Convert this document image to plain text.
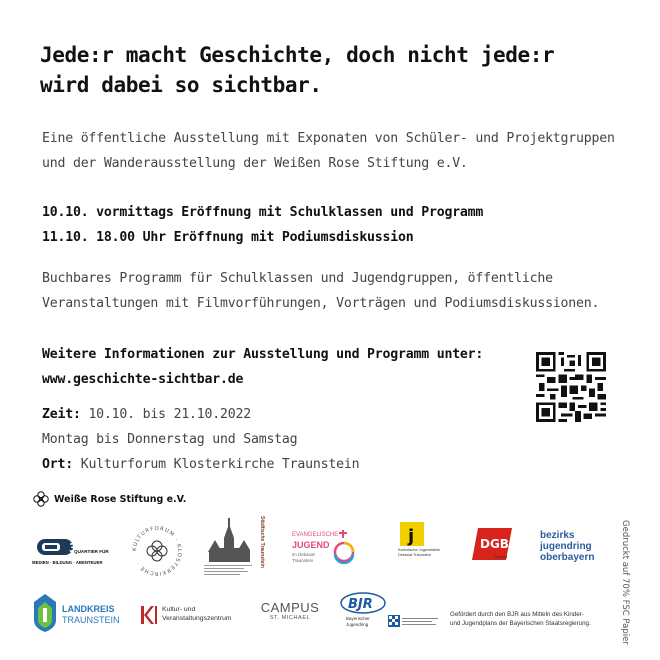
Jede:r macht Geschichte, doch nicht jede:r
wird dabei so sichtbar.
Eine öffentliche Ausstellung mit Exponaten von Schüler- und Projektgruppen
und der Wanderausstellung der Weißen Rose Stiftung e.V.
10.10. vormittags Eröffnung mit Schulklassen und Programm
11.10. 18.00 Uhr Eröffnung mit Podiumsdiskussion
Buchbares Programm für Schulklassen und Jugendgruppen, öffentliche
Veranstaltungen mit Filmvorführungen, Vorträgen und Podiumsdiskussionen.
Weitere Informationen zur Ausstellung und Programm unter:
www.geschichte-sichtbar.de
Zeit: 10.10. bis 21.10.2022
Montag bis Donnerstag und Samstag
Ort: Kulturforum Klosterkirche Traunstein
Weiße Rose Stiftung e.V.
3
QUARTIER FÜR
MEDIEN · BILDUNG · ABENTEUER
KULTURFORUM · KLOSTERKIRCHE ·	Städtische Traunstein	EVANGELISCHE
JUGEND
im Dekanat
Traunstein
j
Katholische Jugendstelle
Dekanat Traunstein
DGB
Jugend
bezirks
jugendring
oberbayern
LANDKREIS
TRAUNSTEIN
Kultur- und
Veranstaltungszentrum
CAMPUS
ST. MICHAEL
BJR
Bayerischer
Jugendring
Gefördert durch den BJR aus Mitteln des Kinder-
und Jugendplans der Bayerischen Staatsregierung.	Gedruckt auf 70% FSC Papier
